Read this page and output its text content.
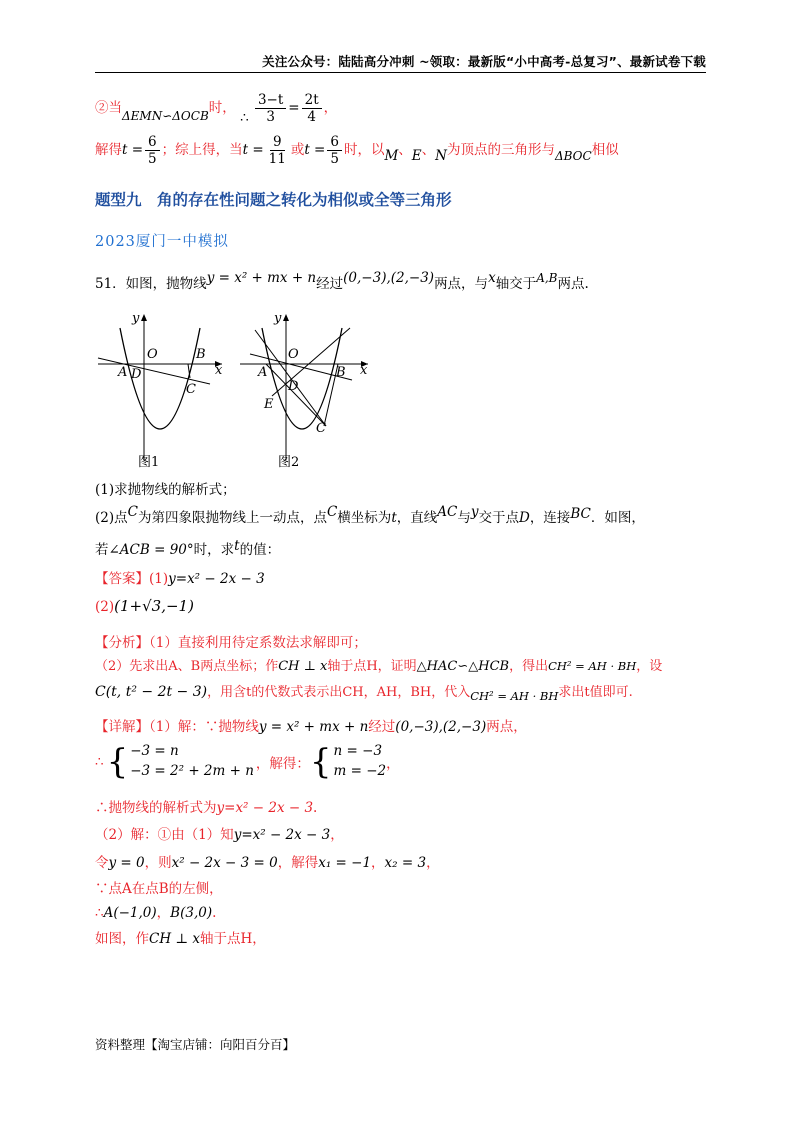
关注公众号：陆陆高分冲刺 ~领取：最新版“小中高考-总复习”、最新试卷下载
②当ΔEMN∽ΔOCB时， ∴ $\frac{3-t}{3} = \frac{2t}{4}$ ，
解得$t = \frac{6}{5}$ ；综上得，当$t = \frac{9}{11}$ 或$t = \frac{6}{5}$ 时，以M、E、N为顶点的三角形与ΔBOC相似
题型九　角的存在性问题之转化为相似或全等三角形
2023厦门一中模拟
51．如图，抛物线y = x² + mx + n经过(0,−3),(2,−3)两点，与x轴交于A,B两点.
y
x
O
A
B
D
C
y
x
O
A	B
D
C
E
图1	图2
(1)求抛物线的解析式；
(2)点C为第四象限抛物线上一动点，点C横坐标为t，直线AC与y交于点D，连接BC．如图，
若∠ACB = 90°时，求t的值：
【答案】(1)y=x² − 2x − 3
(2)(1+√3,−1)
【分析】（1）直接利用待定系数法求解即可；
（2）先求出A、B两点坐标；作CH ⊥ x轴于点H，证明△HAC∽△HCB，得出CH² = AH · BH，设
C(t, t² − 2t − 3)，用含t的代数式表示出CH，AH，BH，代入CH² = AH · BH求出t值即可.
【详解】（1）解：∵抛物线y = x² + mx + n经过(0,−3),(2,−3)两点，
∴ { −3 = n
−3 = 2² + 2m + n ，解得： { n = −3
m = −2 ，
∴抛物线的解析式为y=x² − 2x − 3.
（2）解：①由（1）知y=x² − 2x − 3，
令y = 0，则x² − 2x − 3 = 0，解得x₁ = −1，x₂ = 3，
∵点A在点B的左侧，
∴A(−1,0)，B(3,0).
如图，作CH ⊥ x轴于点H，
资料整理【淘宝店铺：向阳百分百】
